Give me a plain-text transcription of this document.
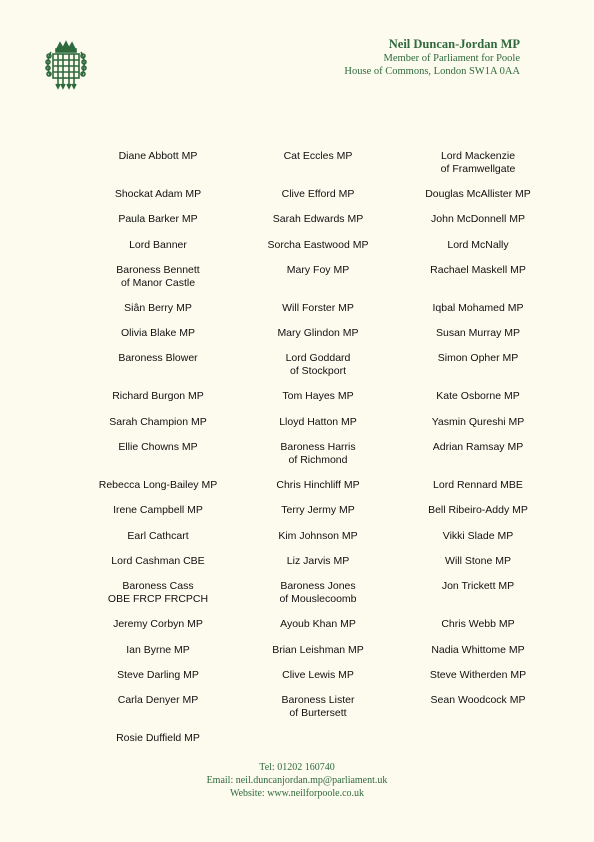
Neil Duncan-Jordan MP
Member of Parliament for Poole
House of Commons, London SW1A 0AA
Diane Abbott MP
Shockat Adam MP
Paula Barker MP
Lord Banner
Baroness Bennett
of Manor Castle
Siân Berry MP
Olivia Blake MP
Baroness Blower
Richard Burgon MP
Sarah Champion MP
Ellie Chowns MP
Rebecca Long-Bailey MP
Irene Campbell MP
Earl Cathcart
Lord Cashman CBE
Baroness Cass
OBE FRCP FRCPCH
Jeremy Corbyn MP
Ian Byrne MP
Steve Darling MP
Carla Denyer MP
Rosie Duffield MP
Cat Eccles MP
Clive Efford MP
Sarah Edwards MP
Sorcha Eastwood MP
Mary Foy MP
Will Forster MP
Mary Glindon MP
Lord Goddard
of Stockport
Tom Hayes MP
Lloyd Hatton MP
Baroness Harris
of Richmond
Chris Hinchliff MP
Terry Jermy MP
Kim Johnson MP
Liz Jarvis MP
Baroness Jones
of Mouslecoomb
Ayoub Khan MP
Brian Leishman MP
Clive Lewis MP
Baroness Lister
of Burtersett
Lord Mackenzie
of Framwellgate
Douglas McAllister MP
John McDonnell MP
Lord McNally
Rachael Maskell MP
Iqbal Mohamed MP
Susan Murray MP
Simon Opher MP
Kate Osborne MP
Yasmin Qureshi MP
Adrian Ramsay MP
Lord Rennard MBE
Bell Ribeiro-Addy MP
Vikki Slade MP
Will Stone MP
Jon Trickett MP
Chris Webb MP
Nadia Whittome MP
Steve Witherden MP
Sean Woodcock MP
Tel: 01202 160740
Email: neil.duncanjordan.mp@parliament.uk
Website: www.neilforpoole.co.uk
